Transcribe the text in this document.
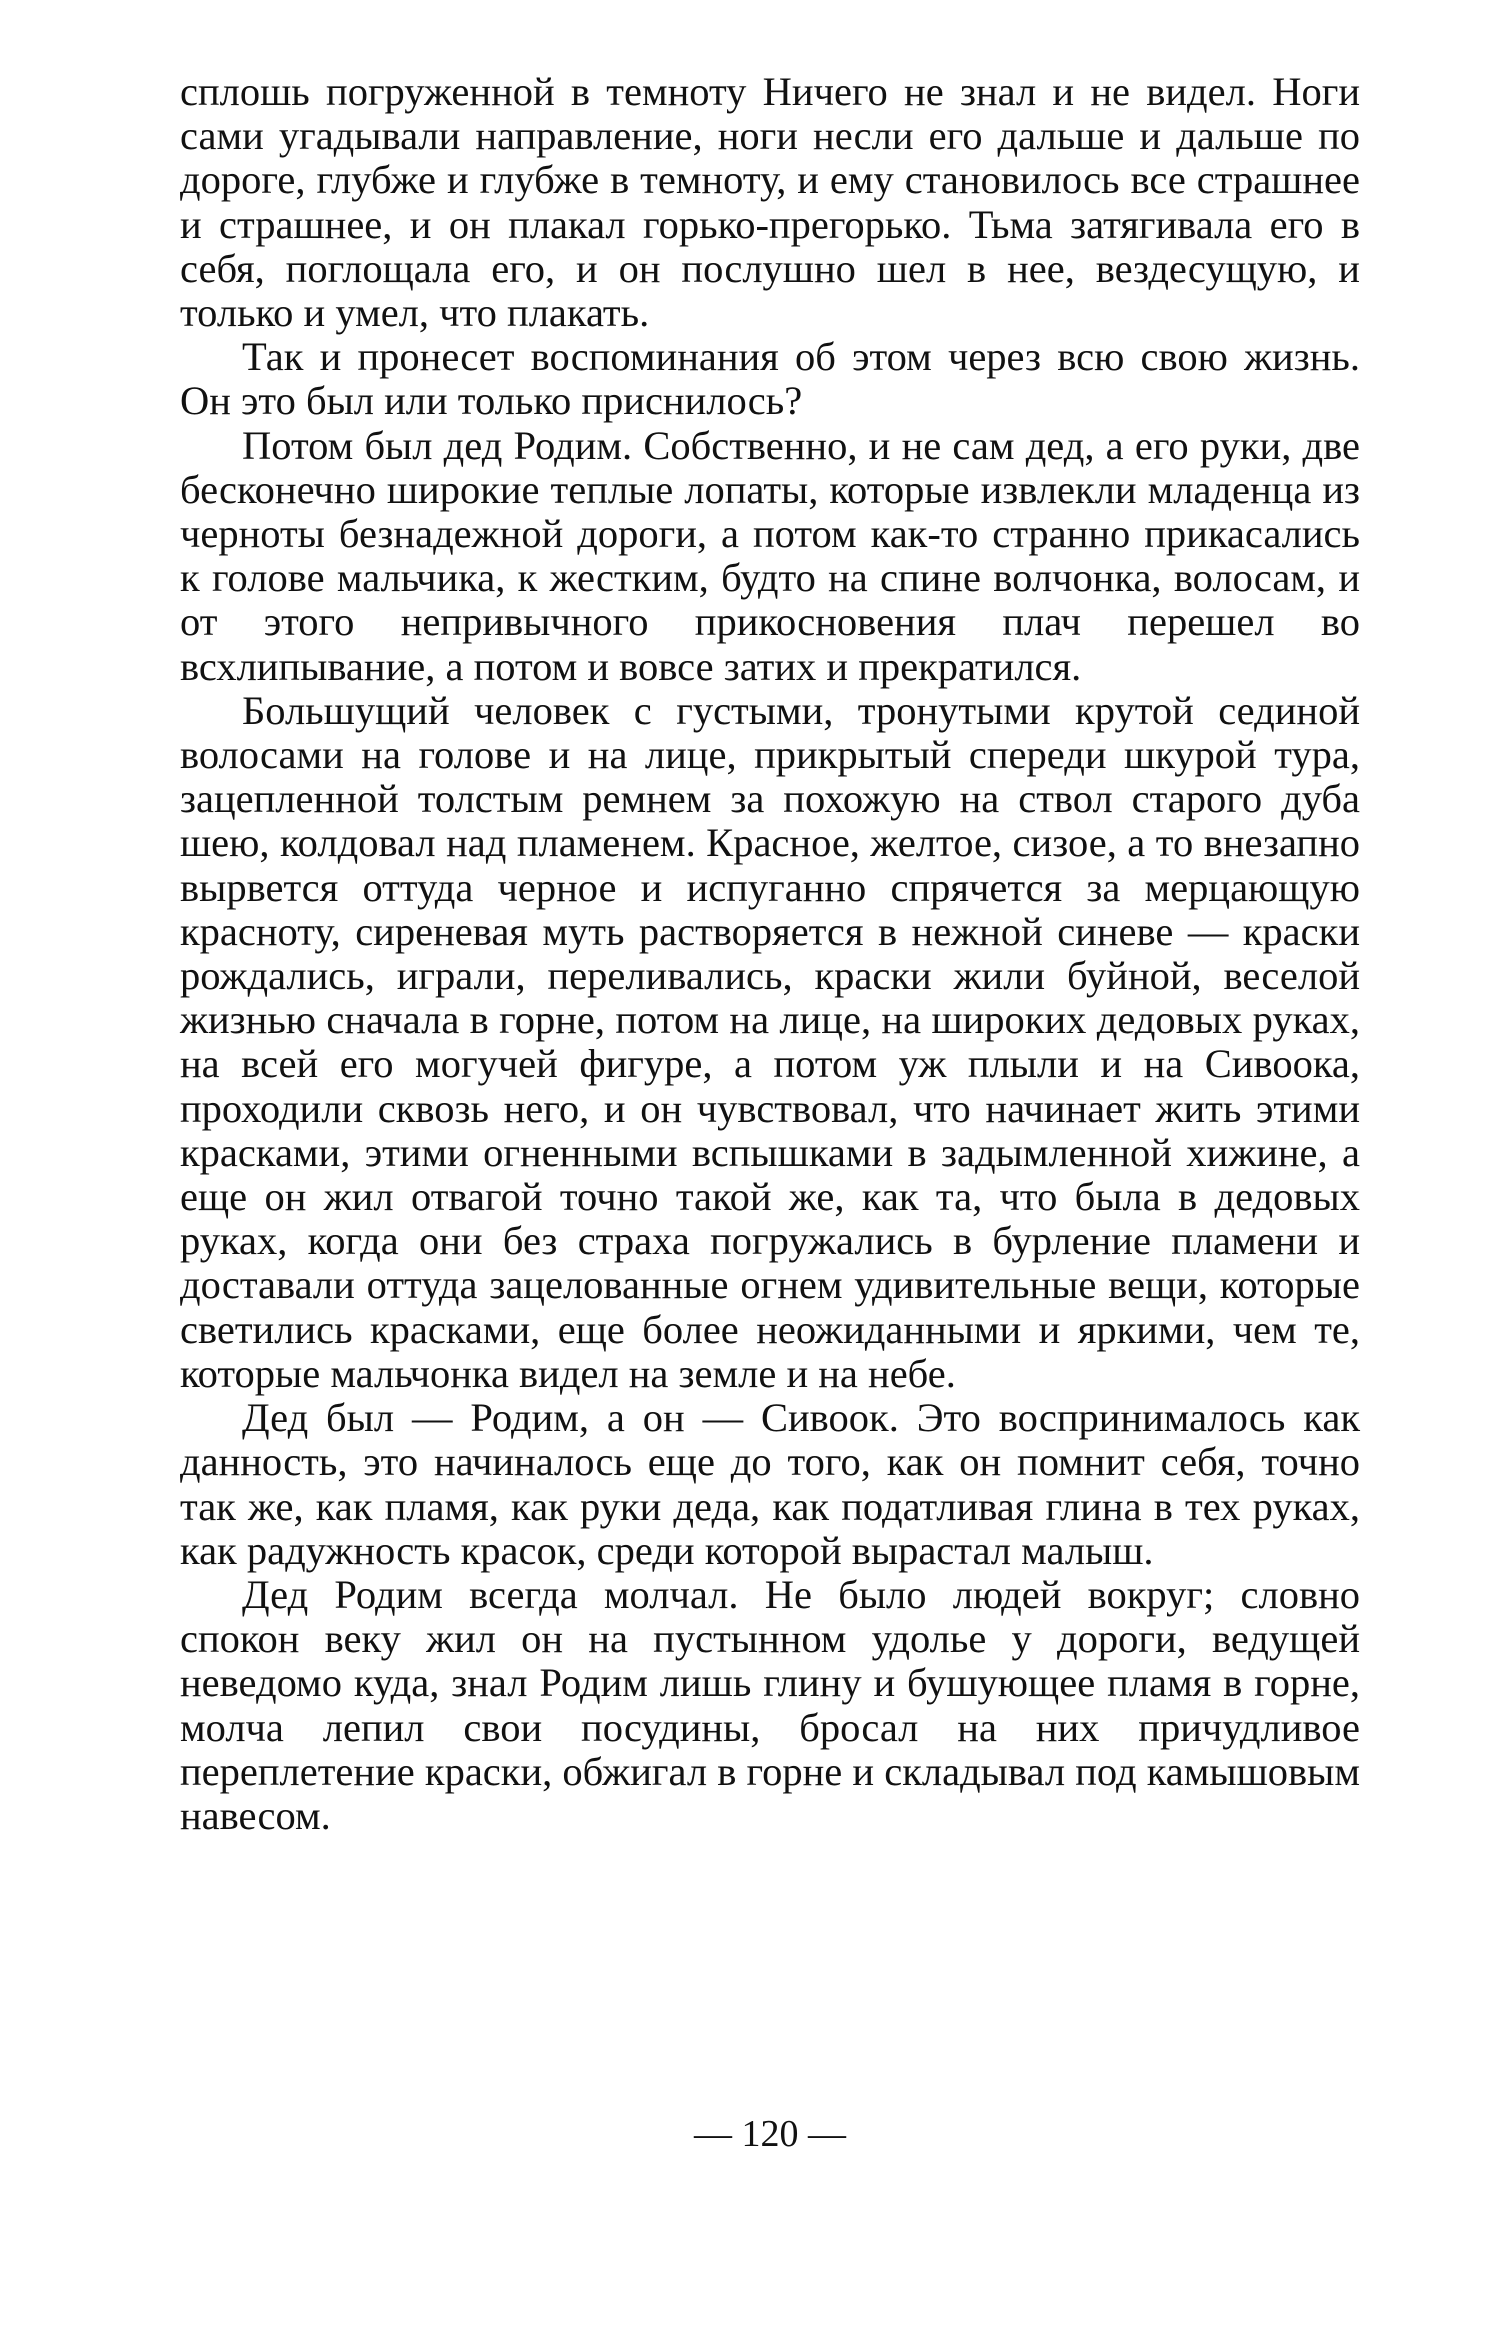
сплошь погруженной в темноту Ничего не знал и не видел. Ноги сами угадывали направление, ноги несли его дальше и дальше по дороге, глубже и глубже в темноту, и ему становилось все страшнее и страшнее, и он плакал горько-прегорько. Тьма затягивала его в себя, поглощала его, и он послушно шел в нее, вездесущую, и только и умел, что плакать.

Так и пронесет воспоминания об этом через всю свою жизнь. Он это был или только приснилось?

Потом был дед Родим. Собственно, и не сам дед, а его руки, две бесконечно широкие теплые лопаты, которые извлекли младенца из черноты безнадежной дороги, а потом как-то странно прикасались к голове мальчика, к жестким, будто на спине волчонка, волосам, и от этого непривычного прикосновения плач перешел во всхлипывание, а потом и вовсе затих и прекратился.

Большущий человек с густыми, тронутыми крутой сединой волосами на голове и на лице, прикрытый спереди шкурой тура, зацепленной толстым ремнем за похожую на ствол старого дуба шею, колдовал над пламенем. Красное, желтое, сизое, а то внезапно вырвется оттуда черное и испуганно спрячется за мерцающую красноту, сиреневая муть растворяется в нежной синеве — краски рождались, играли, переливались, краски жили буйной, веселой жизнью сначала в горне, потом на лице, на широких дедовых руках, на всей его могучей фигуре, а потом уж плыли и на Сивоока, проходили сквозь него, и он чувствовал, что начинает жить этими красками, этими огненными вспышками в задымленной хижине, а еще он жил отвагой точно такой же, как та, что была в дедовых руках, когда они без страха погружались в бурление пламени и доставали оттуда зацелованные огнем удивительные вещи, которые светились красками, еще более неожиданными и яркими, чем те, которые мальчонка видел на земле и на небе.

Дед был — Родим, а он — Сивоок. Это воспринималось как данность, это начиналось еще до того, как он помнит себя, точно так же, как пламя, как руки деда, как податливая глина в тех руках, как радужность красок, среди которой вырастал малыш.

Дед Родим всегда молчал. Не было людей вокруг; словно спокон веку жил он на пустынном удолье у дороги, ведущей неведомо куда, знал Родим лишь глину и бушующее пламя в горне, молча лепил свои посудины, бросал на них причудливое переплетение краски, обжигал в горне и складывал под камышовым навесом.

— 120 —
